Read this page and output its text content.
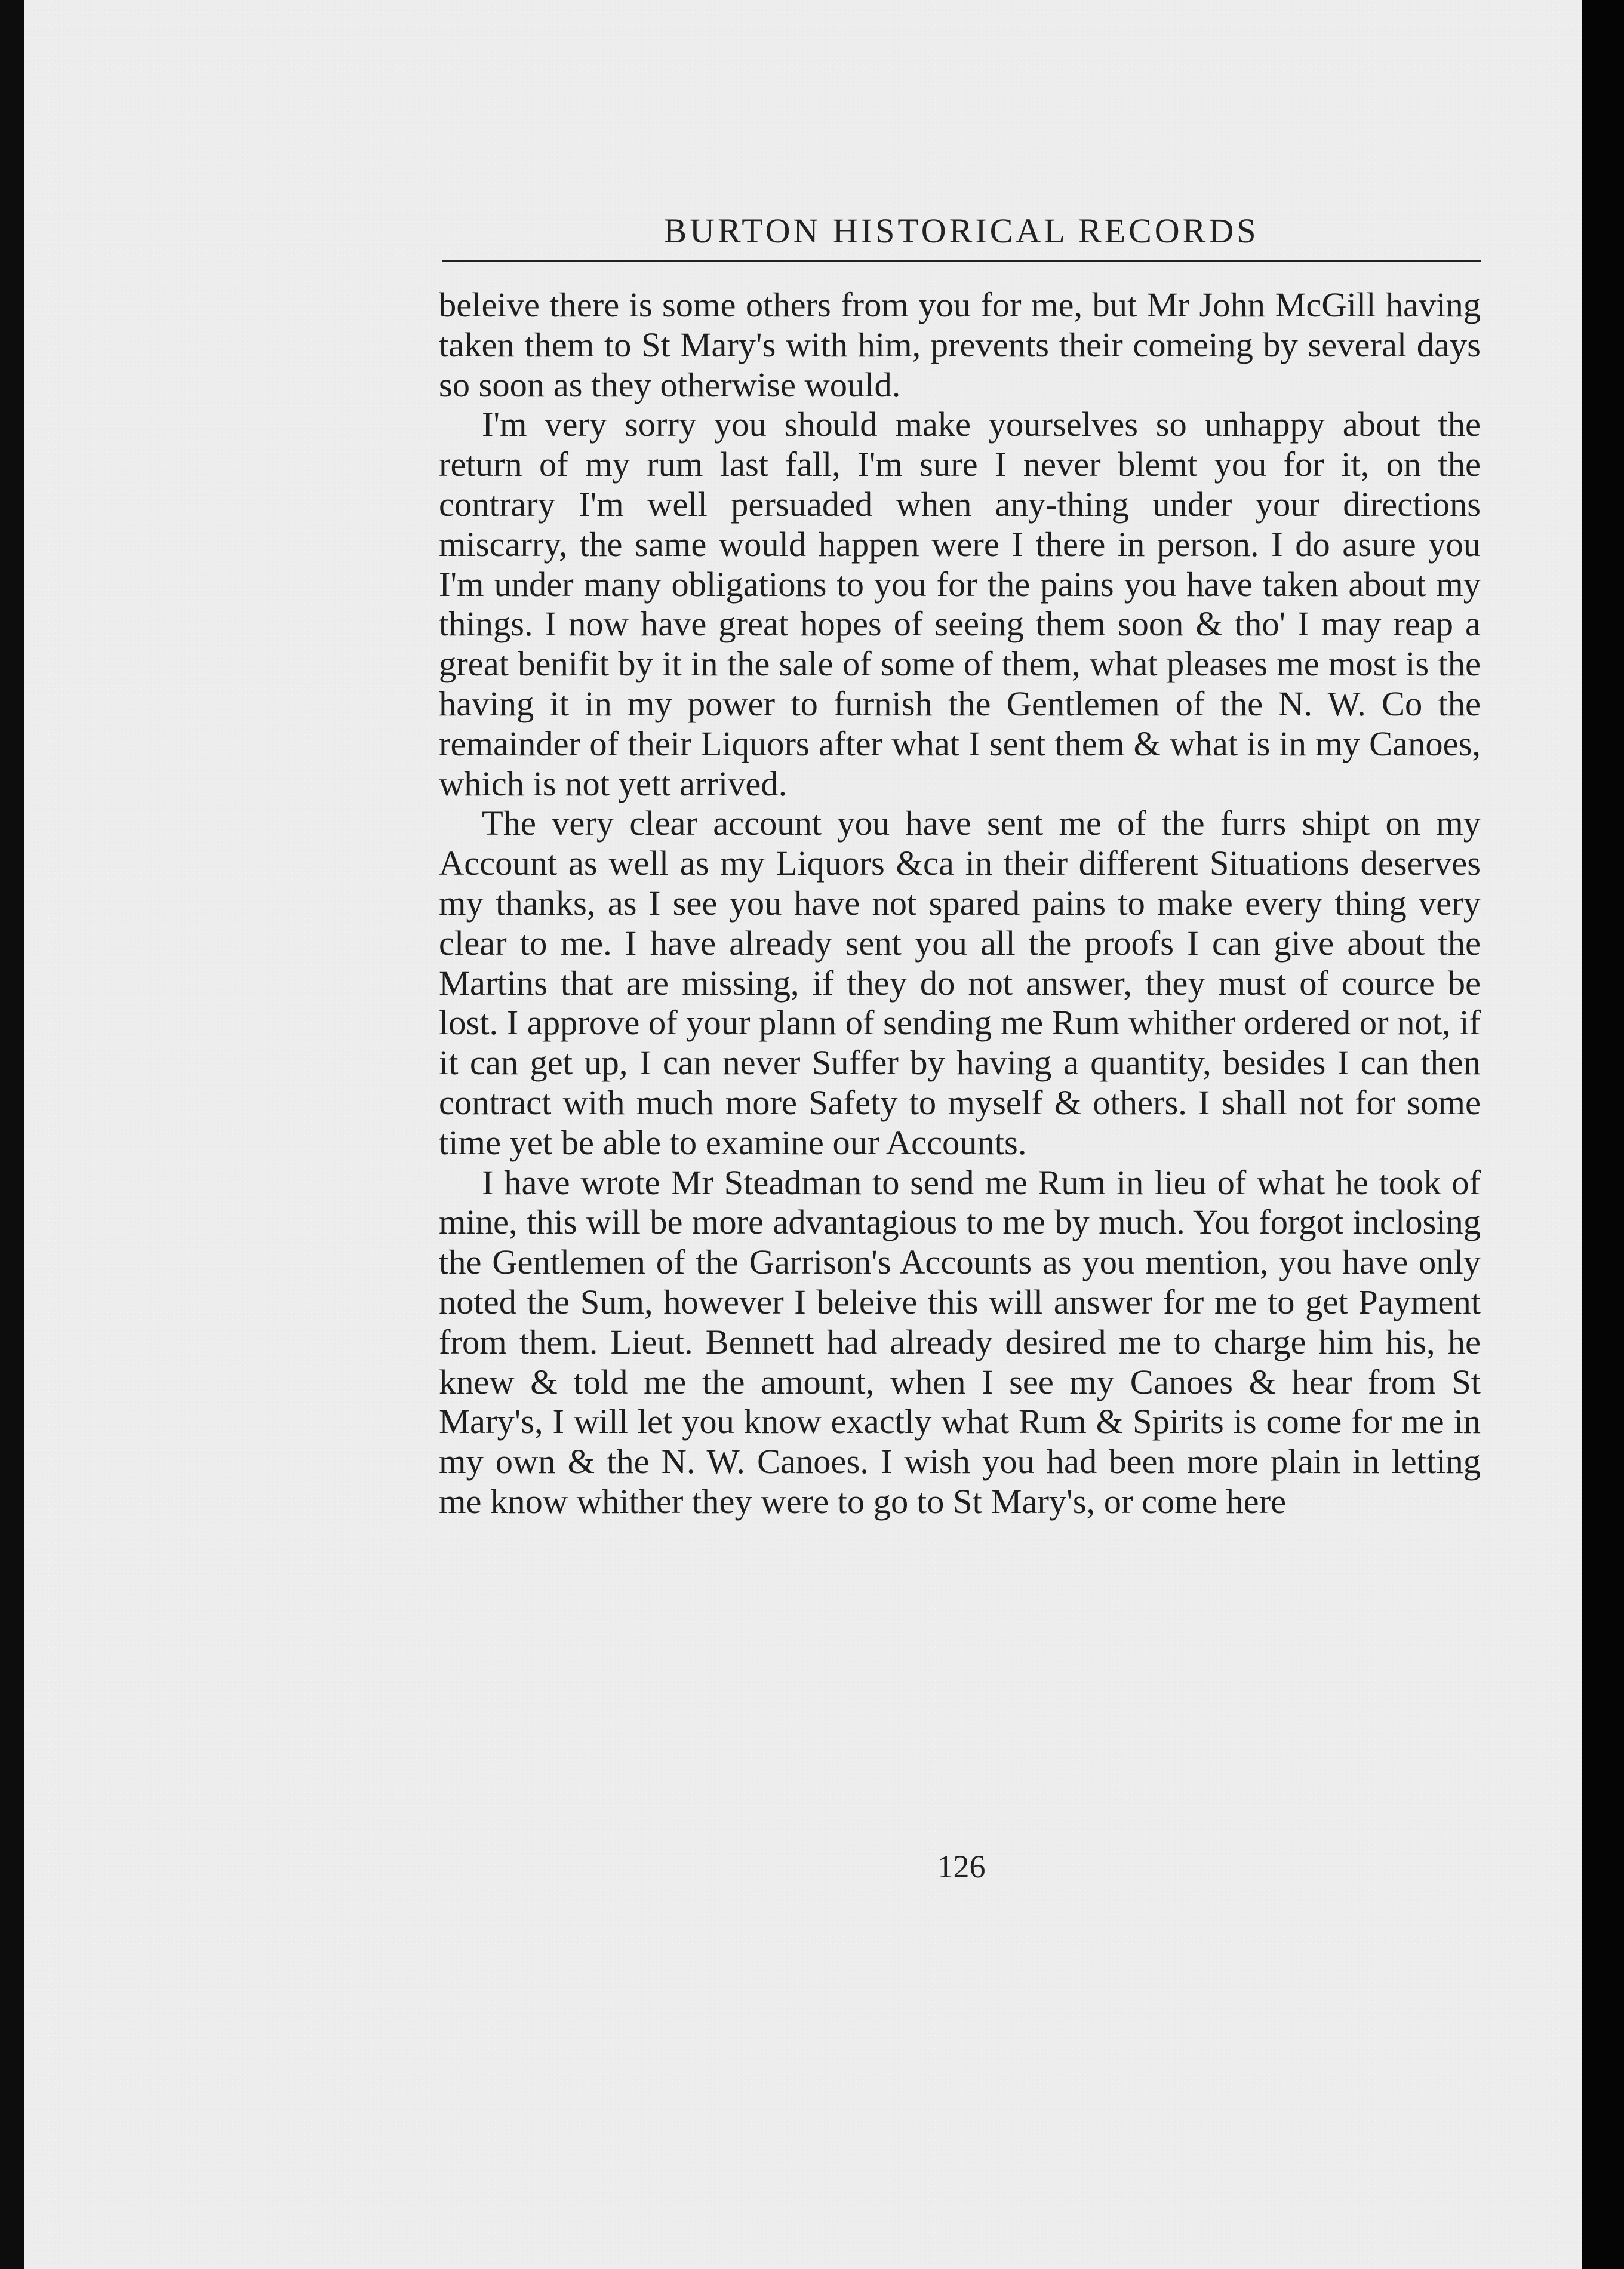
BURTON HISTORICAL RECORDS

beleive there is some others from you for me, but Mr John McGill having taken them to St Mary's with him, prevents their comeing by several days so soon as they otherwise would.

I'm very sorry you should make yourselves so unhappy about the return of my rum last fall, I'm sure I never blemt you for it, on the contrary I'm well persuaded when any-thing under your directions miscarry, the same would happen were I there in person. I do asure you I'm under many obligations to you for the pains you have taken about my things. I now have great hopes of seeing them soon & tho' I may reap a great benifit by it in the sale of some of them, what pleases me most is the having it in my power to furnish the Gentlemen of the N. W. Co the remainder of their Liquors after what I sent them & what is in my Canoes, which is not yett arrived.

The very clear account you have sent me of the furrs shipt on my Account as well as my Liquors &ca in their different Situations deserves my thanks, as I see you have not spared pains to make every thing very clear to me. I have already sent you all the proofs I can give about the Martins that are missing, if they do not answer, they must of cource be lost. I approve of your plann of sending me Rum whither ordered or not, if it can get up, I can never Suffer by having a quantity, besides I can then contract with much more Safety to myself & others. I shall not for some time yet be able to examine our Accounts.

I have wrote Mr Steadman to send me Rum in lieu of what he took of mine, this will be more advantagious to me by much. You forgot inclosing the Gentlemen of the Garrison's Accounts as you mention, you have only noted the Sum, however I beleive this will answer for me to get Payment from them. Lieut. Bennett had already desired me to charge him his, he knew & told me the amount, when I see my Canoes & hear from St Mary's, I will let you know exactly what Rum & Spirits is come for me in my own & the N. W. Canoes. I wish you had been more plain in letting me know whither they were to go to St Mary's, or come here

126
